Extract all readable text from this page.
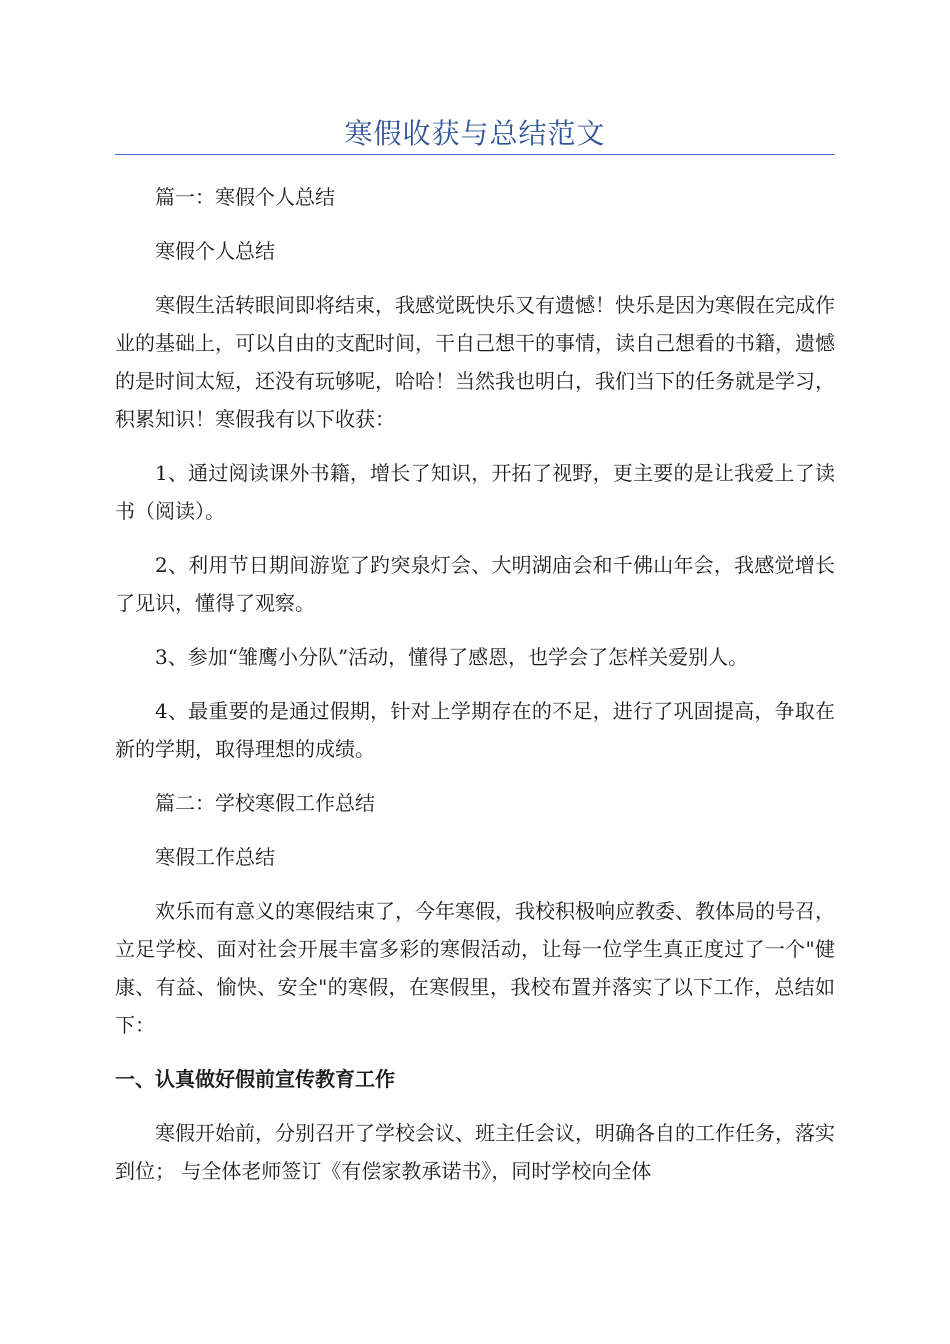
寒假收获与总结范文

篇一：寒假个人总结

寒假个人总结

寒假生活转眼间即将结束，我感觉既快乐又有遗憾！快乐是因为寒假在完成作业的基础上，可以自由的支配时间，干自己想干的事情，读自己想看的书籍，遗憾的是时间太短，还没有玩够呢，哈哈！当然我也明白，我们当下的任务就是学习，积累知识！寒假我有以下收获：

1、通过阅读课外书籍，增长了知识，开拓了视野，更主要的是让我爱上了读书（阅读）。

2、利用节日期间游览了趵突泉灯会、大明湖庙会和千佛山年会，我感觉增长了见识，懂得了观察。

3、参加“雏鹰小分队”活动，懂得了感恩，也学会了怎样关爱别人。

4、最重要的是通过假期，针对上学期存在的不足，进行了巩固提高，争取在新的学期，取得理想的成绩。

篇二：学校寒假工作总结

寒假工作总结

欢乐而有意义的寒假结束了，今年寒假，我校积极响应教委、教体局的号召，立足学校、面对社会开展丰富多彩的寒假活动，让每一位学生真正度过了一个"健康、有益、愉快、安全"的寒假，在寒假里，我校布置并落实了以下工作，总结如下：

一、认真做好假前宣传教育工作

寒假开始前，分别召开了学校会议、班主任会议，明确各自的工作任务，落实到位； 与全体老师签订《有偿家教承诺书》，同时学校向全体
